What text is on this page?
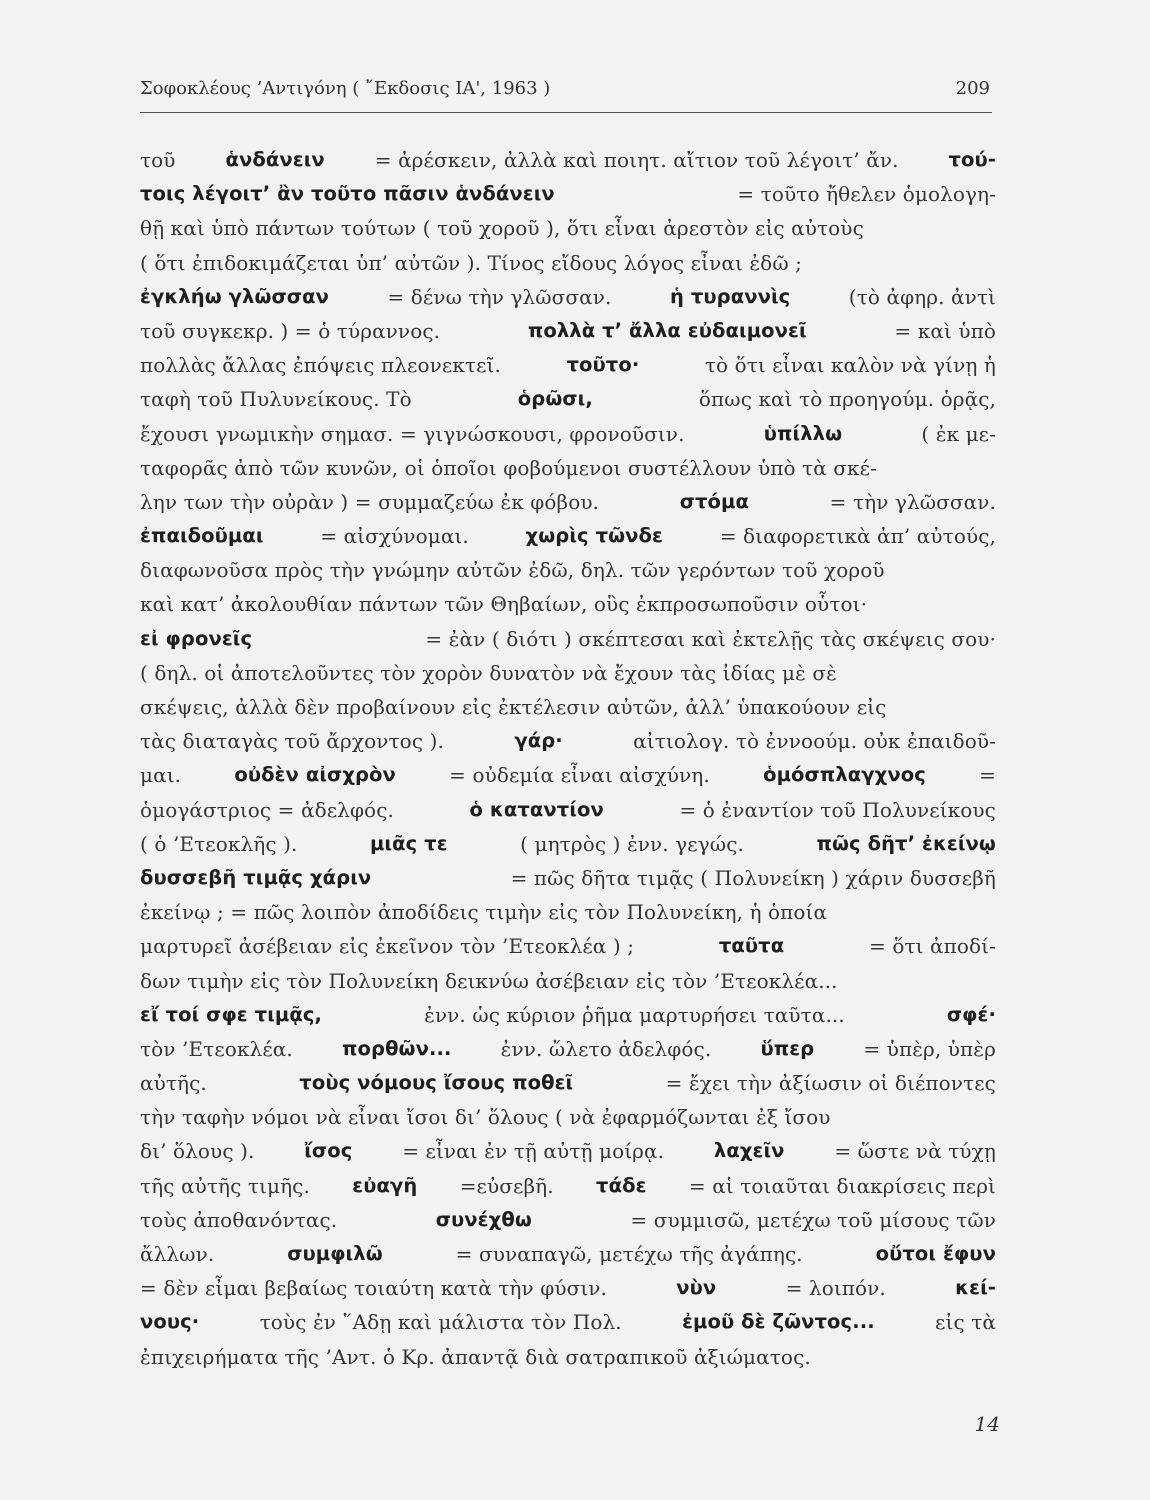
Σοφοκλέους ’Αντιγόνη ( ῎Εκδοσις ΙΑ', 1963 )	209
τοῦ	ἁνδάνειν = ἀρέσκειν, ἀλλὰ καὶ ποιητ. αἴτιον τοῦ λέγοιτ’ ἄν.	τού-
τοις λέγοιτ’ ἂν τοῦτο πᾶσιν ἁνδάνειν	= τοῦτο ἤθελεν ὁμολογη-
θῇ καὶ ὑπὸ πάντων τούτων ( τοῦ χοροῦ ), ὅτι εἶναι ἀρεστὸν εἰς αὐτοὺς
( ὅτι ἐπιδοκιμάζεται ὑπ’ αὐτῶν ). Τίνος εἴδους λόγος εἶναι ἐδῶ ;
ἐγκλήω γλῶσσαν	= δένω τὴν γλῶσσαν.	ἡ τυραννὶς	(τὸ ἀφηρ. ἀντὶ
τοῦ συγκεκρ. ) = ὁ τύραννος.	πολλὰ τ’ ἄλλα εὐδαιμονεῖ	= καὶ ὑπὸ
πολλὰς ἄλλας ἐπόψεις πλεονεκτεῖ.	τοῦτο·	τὸ ὅτι εἶναι καλὸν νὰ γίνῃ ἡ
ταφὴ τοῦ Πυλυνείκους. Τὸ	ὁρῶσι,	ὅπως καὶ τὸ προηγούμ. ὁρᾷς,
ἔχουσι γνωμικὴν σημασ. = γιγνώσκουσι, φρονοῦσιν.	ὑπίλλω	( ἐκ με-
ταφορᾶς ἀπὸ τῶν κυνῶν, οἱ ὁποῖοι φοβούμενοι συστέλλουν ὑπὸ τὰ σκέ-
λην των τὴν οὐρὰν ) = συμμαζεύω ἐκ φόβου.	στόμα	= τὴν γλῶσσαν.
ἐπαιδοῦμαι	= αἰσχύνομαι.	χωρὶς τῶνδε	= διαφορετικὰ ἀπ’ αὐτούς,
διαφωνοῦσα πρὸς τὴν γνώμην αὐτῶν ἐδῶ, δηλ. τῶν γερόντων τοῦ χοροῦ
καὶ κατ’ ἀκολουθίαν πάντων τῶν Θηβαίων, οὓς ἐκπροσωποῦσιν οὗτοι·
εἰ φρονεῖς	= ἐὰν ( διότι ) σκέπτεσαι καὶ ἐκτελῇς τὰς σκέψεις σου·
( δηλ. οἱ ἀποτελοῦντες τὸν χορὸν δυνατὸν νὰ ἔχουν τὰς ἰδίας μὲ σὲ
σκέψεις, ἀλλὰ δὲν προβαίνουν εἰς ἐκτέλεσιν αὐτῶν, ἀλλ’ ὑπακούουν εἰς
τὰς διαταγὰς τοῦ ἄρχοντος ).	γάρ·	αἰτιολογ. τὸ ἐννοούμ. οὐκ ἐπαιδοῦ-
μαι.	οὐδὲν αἰσχρὸν	= οὐδεμία εἶναι αἰσχύνη.	ὁμόσπλαγχνος	=
ὁμογάστριος = ἀδελφός.	ὁ καταντίον	= ὁ ἐναντίον τοῦ Πολυνείκους
( ὁ ’Ετεοκλῆς ).	μιᾶς τε	( μητρὸς ) ἐνν. γεγώς.	πῶς δῆτ’ ἐκείνῳ
δυσσεβῆ τιμᾷς χάριν	= πῶς δῆτα τιμᾷς ( Πολυνείκη ) χάριν δυσσεβῆ
ἐκείνῳ ; = πῶς λοιπὸν ἀποδίδεις τιμὴν εἰς τὸν Πολυνείκη, ἡ ὁποία
μαρτυρεῖ ἀσέβειαν εἰς ἐκεῖνον τὸν ’Ετεοκλέα ) ;	ταῦτα	= ὅτι ἀποδί-
δων τιμὴν εἰς τὸν Πολυνείκη δεικνύω ἀσέβειαν εἰς τὸν ’Ετεοκλέα...
εἴ τοί σφε τιμᾷς,	ἐνν. ὡς κύριον ῥῆμα μαρτυρήσει ταῦτα...	σφέ·
τὸν ’Ετεοκλέα.	πορθῶν... ἐνν. ὤλετο ἀδελφός.	ὕπερ = ὑπὲρ, ὑπὲρ
αὐτῆς.	τοὺς νόμους ἴσους ποθεῖ	= ἔχει τὴν ἀξίωσιν οἱ διέποντες
τὴν ταφὴν νόμοι νὰ εἶναι ἴσοι δι’ ὅλους ( νὰ ἐφαρμόζωνται ἐξ ἴσου
δι’ ὅλους ).	ἴσος = εἶναι ἐν τῇ αὐτῇ μοίρᾳ.	λαχεῖν = ὥστε νὰ τύχῃ
τῆς αὐτῆς τιμῆς. εὐαγῆ =εὐσεβῆ. τάδε = αἱ τοιαῦται διακρίσεις περὶ
τοὺς ἀποθανόντας.	συνέχθω	= συμμισῶ, μετέχω τοῦ μίσους τῶν
ἄλλων.	συμφιλῶ	= συναπαγῶ, μετέχω τῆς ἀγάπης.	οὔτοι ἔφυν
= δὲν εἶμαι βεβαίως τοιαύτη κατὰ τὴν φύσιν.	νὺν	= λοιπόν.	κεί-
νους·	τοὺς ἐν ῞Αδῃ καὶ μάλιστα τὸν Πολ.	ἐμοῦ δὲ ζῶντος...	εἰς τὰ
ἐπιχειρήματα τῆς ’Αντ. ὁ Κρ. ἀπαντᾷ διὰ σατραπικοῦ ἀξιώματος.
14
